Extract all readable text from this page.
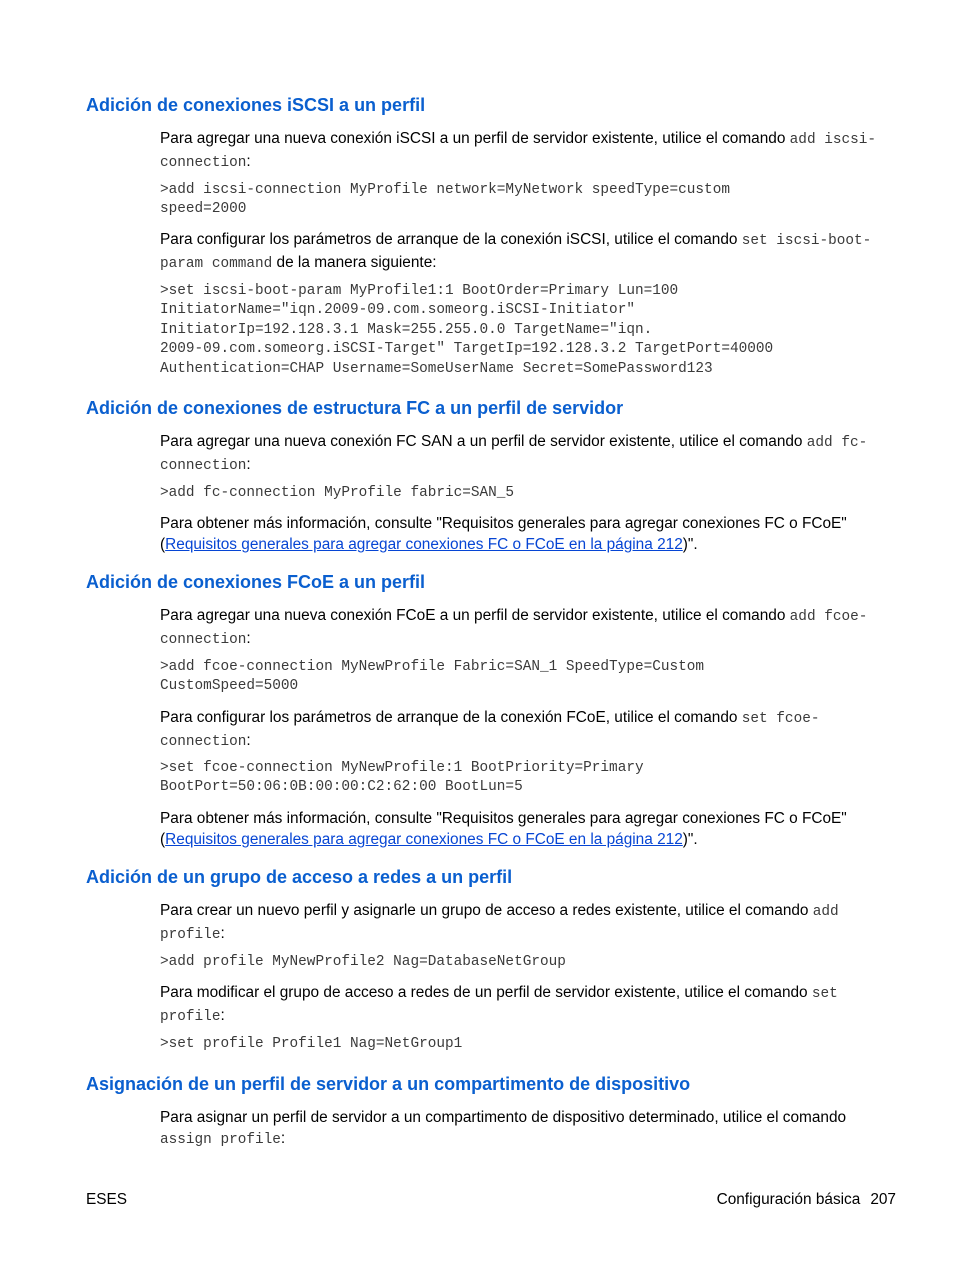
Adición de conexiones iSCSI a un perfil

Para agregar una nueva conexión iSCSI a un perfil de servidor existente, utilice el comando add iscsi-connection:

>add iscsi-connection MyProfile network=MyNetwork speedType=custom
speed=2000

Para configurar los parámetros de arranque de la conexión iSCSI, utilice el comando set iscsi-boot-param command de la manera siguiente:

>set iscsi-boot-param MyProfile1:1 BootOrder=Primary Lun=100
InitiatorName="iqn.2009-09.com.someorg.iSCSI-Initiator"
InitiatorIp=192.128.3.1 Mask=255.255.0.0 TargetName="iqn.
2009-09.com.someorg.iSCSI-Target" TargetIp=192.128.3.2 TargetPort=40000
Authentication=CHAP Username=SomeUserName Secret=SomePassword123
Adición de conexiones de estructura FC a un perfil de servidor

Para agregar una nueva conexión FC SAN a un perfil de servidor existente, utilice el comando add fc-connection:

>add fc-connection MyProfile fabric=SAN_5

Para obtener más información, consulte "Requisitos generales para agregar conexiones FC o FCoE" (Requisitos generales para agregar conexiones FC o FCoE en la página 212)".

Adición de conexiones FCoE a un perfil

Para agregar una nueva conexión FCoE a un perfil de servidor existente, utilice el comando add fcoe-connection:

>add fcoe-connection MyNewProfile Fabric=SAN_1 SpeedType=Custom
CustomSpeed=5000

Para configurar los parámetros de arranque de la conexión FCoE, utilice el comando set fcoe-connection:

>set fcoe-connection MyNewProfile:1 BootPriority=Primary
BootPort=50:06:0B:00:00:C2:62:00 BootLun=5

Para obtener más información, consulte "Requisitos generales para agregar conexiones FC o FCoE" (Requisitos generales para agregar conexiones FC o FCoE en la página 212)".

Adición de un grupo de acceso a redes a un perfil

Para crear un nuevo perfil y asignarle un grupo de acceso a redes existente, utilice el comando add profile:

>add profile MyNewProfile2 Nag=DatabaseNetGroup

Para modificar el grupo de acceso a redes de un perfil de servidor existente, utilice el comando set profile:

>set profile Profile1 Nag=NetGroup1
Asignación de un perfil de servidor a un compartimento de dispositivo

Para asignar un perfil de servidor a un compartimento de dispositivo determinado, utilice el comando assign profile:

ESES	Configuración básica 207
